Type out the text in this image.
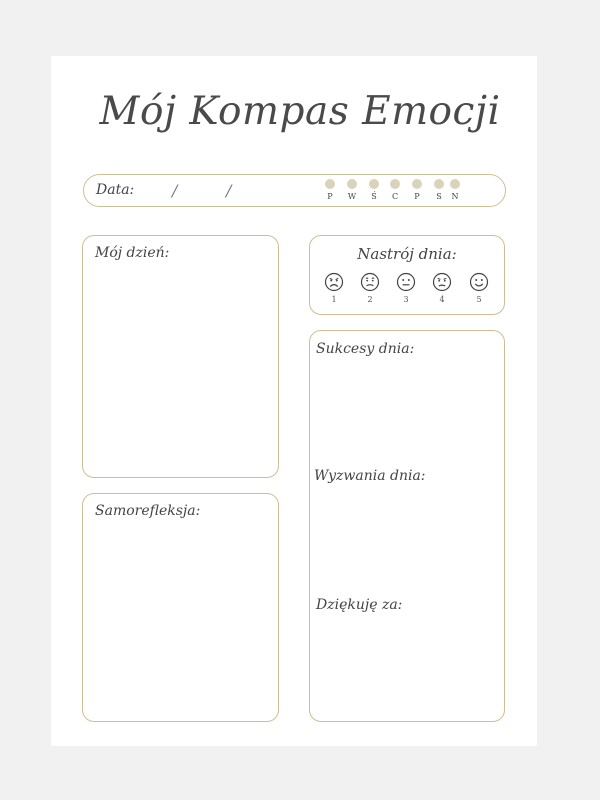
Mój Kompas Emocji
Data: /	/	P	W	Ś	C	P	S	N
Mój dzień:
Samorefleksja:
Nastrój dnia:
1	2	3	4	5
Sukcesy dnia:
Wyzwania dnia:
Dziękuję za:
